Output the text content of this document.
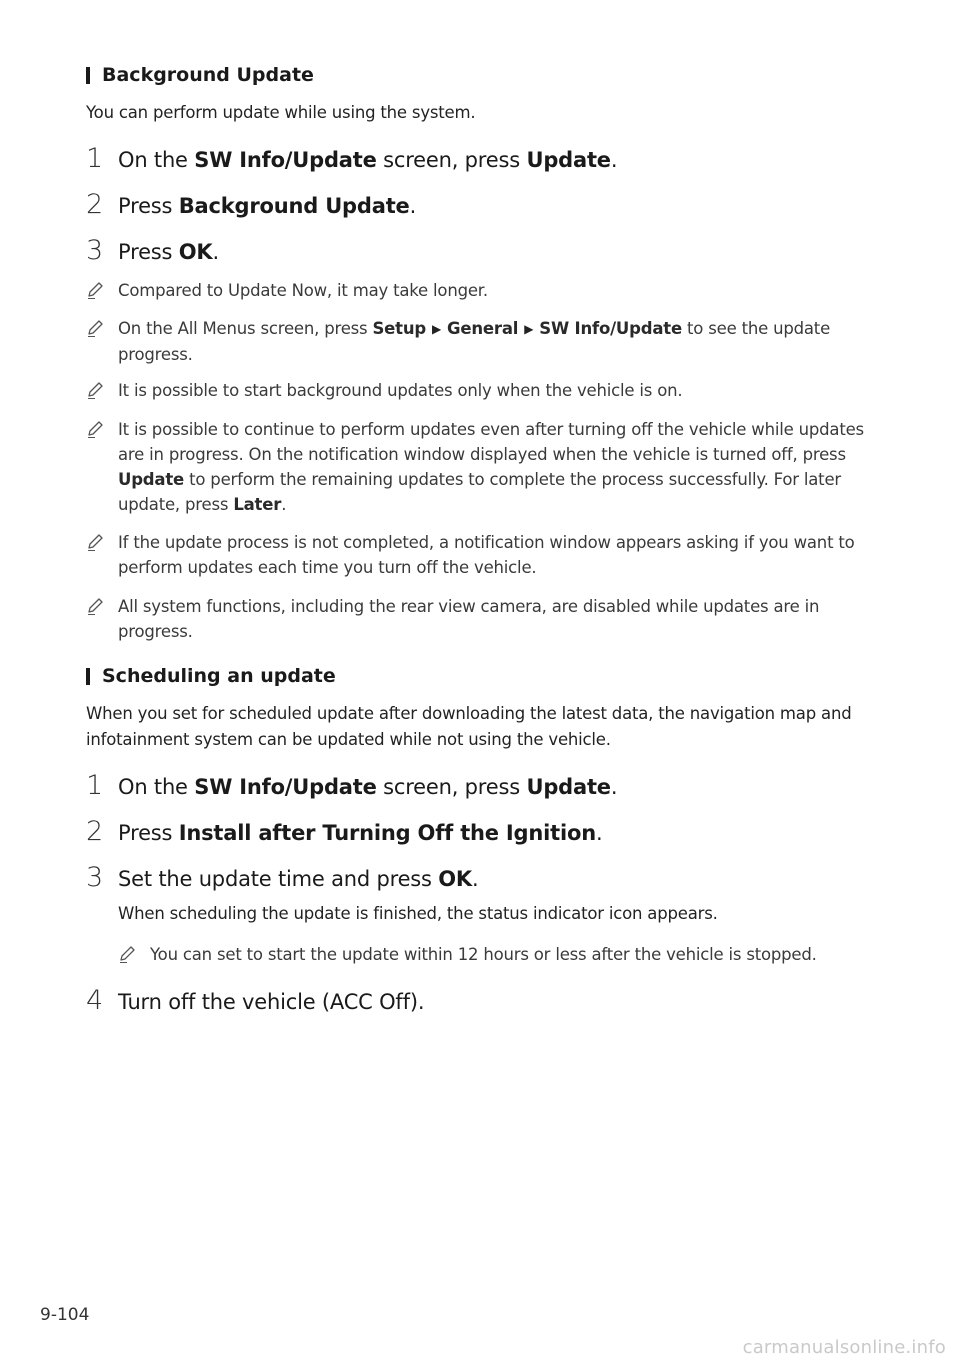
Background Update
You can perform update while using the system.
1 On the SW Info/Update screen, press Update.
2 Press Background Update.
3 Press OK.
Compared to Update Now, it may take longer.
On the All Menus screen, press Setup ▶ General ▶ SW Info/Update to see the update progress.
It is possible to start background updates only when the vehicle is on.
It is possible to continue to perform updates even after turning off the vehicle while updates are in progress. On the notification window displayed when the vehicle is turned off, press Update to perform the remaining updates to complete the process successfully. For later update, press Later.
If the update process is not completed, a notification window appears asking if you want to perform updates each time you turn off the vehicle.
All system functions, including the rear view camera, are disabled while updates are in progress.
Scheduling an update
When you set for scheduled update after downloading the latest data, the navigation map and infotainment system can be updated while not using the vehicle.
1 On the SW Info/Update screen, press Update.
2 Press Install after Turning Off the Ignition.
3 Set the update time and press OK.
When scheduling the update is finished, the status indicator icon appears.
You can set to start the update within 12 hours or less after the vehicle is stopped.
4 Turn off the vehicle (ACC Off).
9-104
carmanualsonline.info
